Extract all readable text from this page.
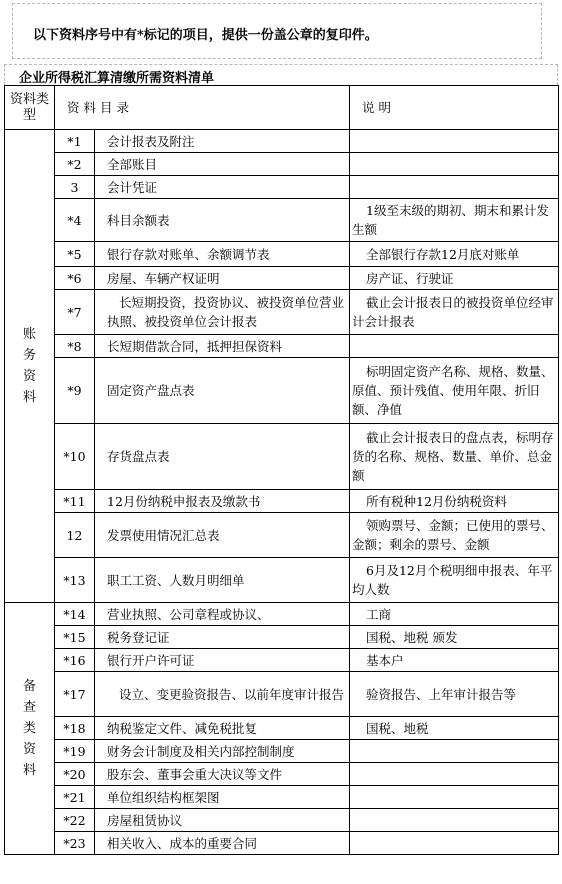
以下资料序号中有*标记的项目，提供一份盖公章的复印件。
企业所得税汇算清缴所需资料清单
资料类型	资料目录		说明
账务资料	*1	会计报表及附注	
	*2	全部账目	
	3	会计凭证	
	*4	科目余额表	1级至末级的期初、期末和累计发生额
	*5	银行存款对账单、余额调节表	全部银行存款12月底对账单
	*6	房屋、车辆产权证明	房产证、行驶证
	*7	长短期投资，投资协议、被投资单位营业执照、被投资单位会计报表	截止会计报表日的被投资单位经审计会计报表
	*8	长短期借款合同，抵押担保资料	
	*9	固定资产盘点表	标明固定资产名称、规格、数量、原值、预计残值、使用年限、折旧额、净值
	*10	存货盘点表	截止会计报表日的盘点表，标明存货的名称、规格、数量、单价、总金额
	*11	12月份纳税申报表及缴款书	所有税种12月份纳税资料
	12	发票使用情况汇总表	领购票号、金额；已使用的票号、金额；剩余的票号、金额
	*13	职工工资、人数月明细单	6月及12月个税明细申报表、年平均人数
备查类资料	*14	营业执照、公司章程或协议、	工商
	*15	税务登记证	国税、地税 颁发
	*16	银行开户许可证	基本户
	*17	设立、变更验资报告、以前年度审计报告	验资报告、上年审计报告等
	*18	纳税鉴定文件、减免税批复	国税、地税
	*19	财务会计制度及相关内部控制制度	
	*20	股东会、董事会重大决议等文件	
	*21	单位组织结构框架图	
	*22	房屋租赁协议	
	*23	相关收入、成本的重要合同	
